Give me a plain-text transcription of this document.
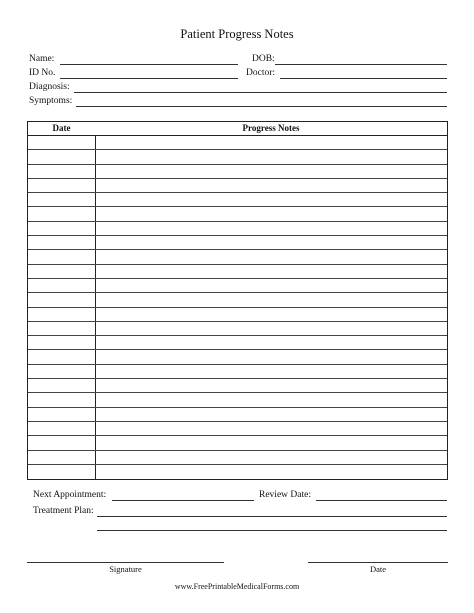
Patient Progress Notes
Name:	DOB:
ID No.	Doctor:
Diagnosis:
Symptoms:
Date	Progress Notes
Next Appointment:	Review Date:
Treatment Plan:
Signature	Date
www.FreePrintableMedicalForms.com
